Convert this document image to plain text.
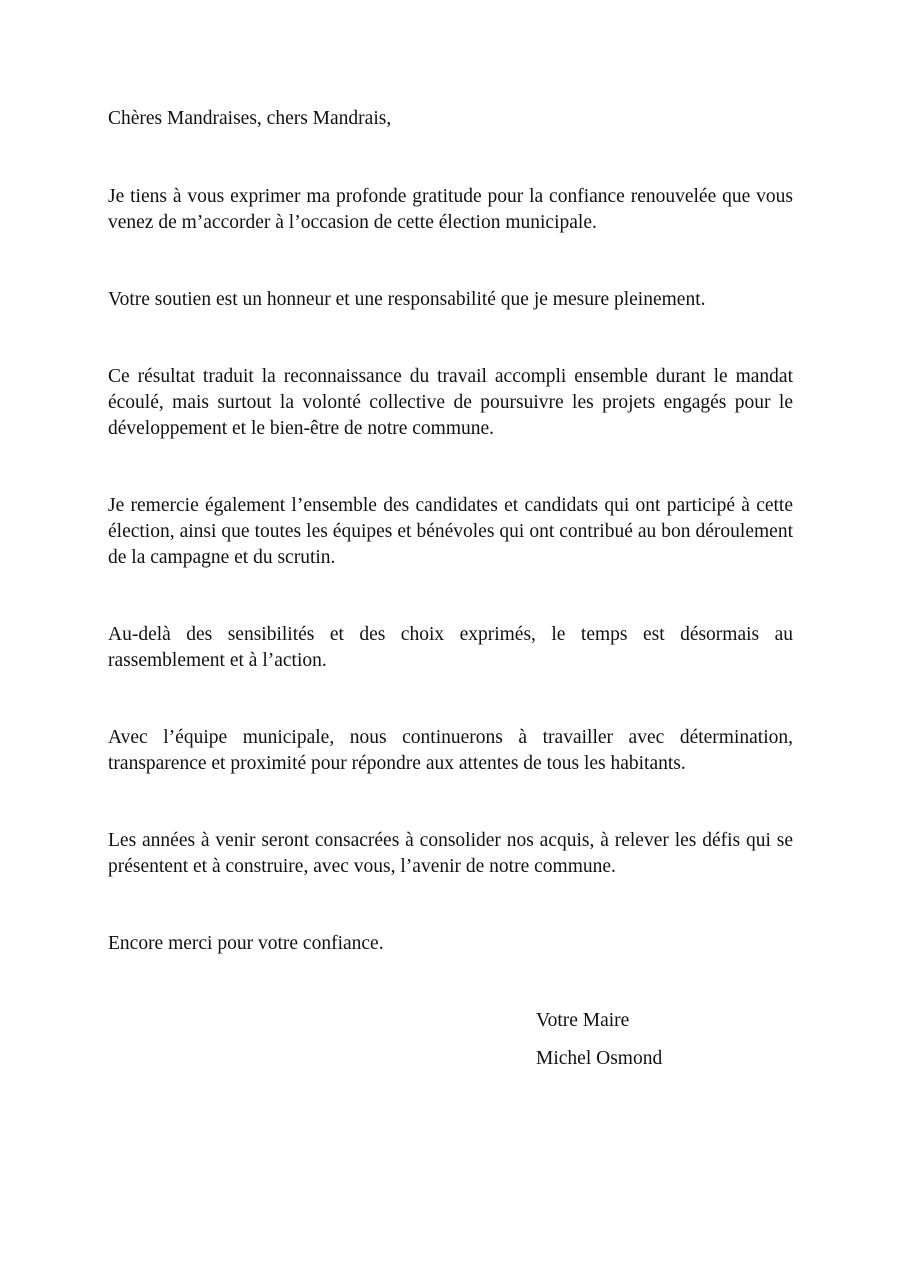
Chères Mandraises, chers Mandrais,

Je tiens à vous exprimer ma profonde gratitude pour la confiance renouvelée que vous venez de m’accorder à l’occasion de cette élection municipale.

Votre soutien est un honneur et une responsabilité que je mesure pleinement.

Ce résultat traduit la reconnaissance du travail accompli ensemble durant le mandat écoulé, mais surtout la volonté collective de poursuivre les projets engagés pour le développement et le bien-être de notre commune.

Je remercie également l’ensemble des candidates et candidats qui ont participé à cette élection, ainsi que toutes les équipes et bénévoles qui ont contribué au bon déroulement de la campagne et du scrutin.

Au-delà des sensibilités et des choix exprimés, le temps est désormais au rassemblement et à l’action.

Avec l’équipe municipale, nous continuerons à travailler avec détermination, transparence et proximité pour répondre aux attentes de tous les habitants.

Les années à venir seront consacrées à consolider nos acquis, à relever les défis qui se présentent et à construire, avec vous, l’avenir de notre commune.

Encore merci pour votre confiance.

Votre Maire
Michel Osmond
